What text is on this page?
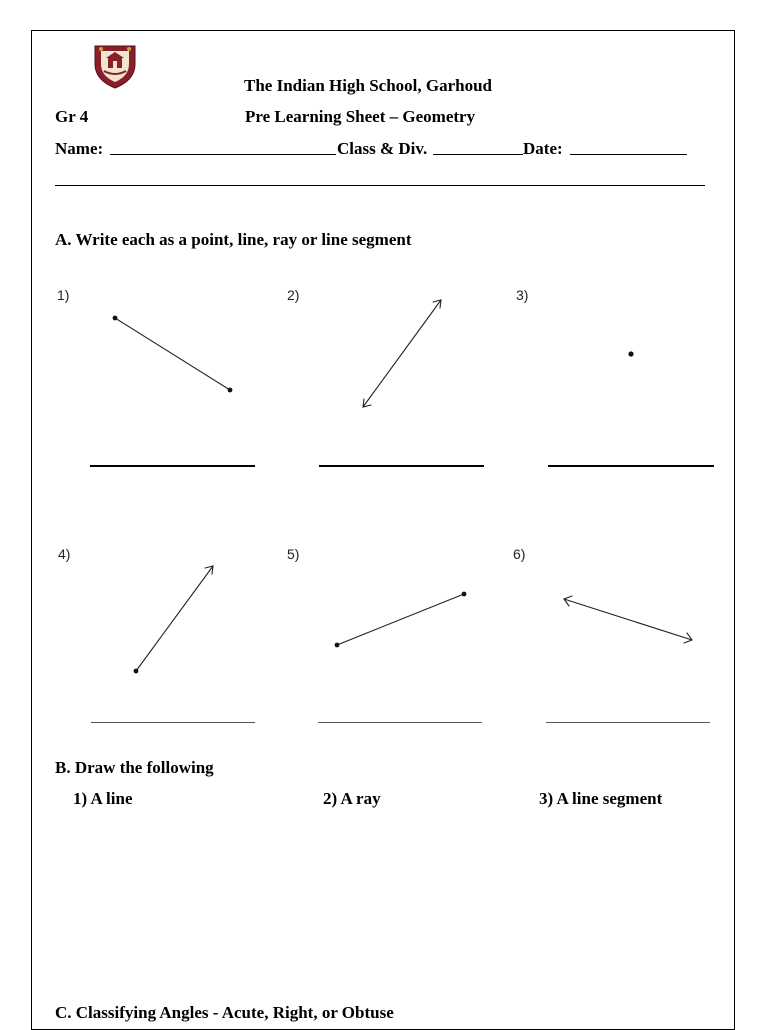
The Indian High School, Garhoud
Gr 4	Pre Learning Sheet – Geometry
Name:	Class & Div.	Date:
A. Write each as a point, line, ray or line segment
1)	2)	3)
4)	5)	6)
B. Draw the following
1) A line	2) A ray	3) A line segment
C. Classifying Angles - Acute, Right, or Obtuse
